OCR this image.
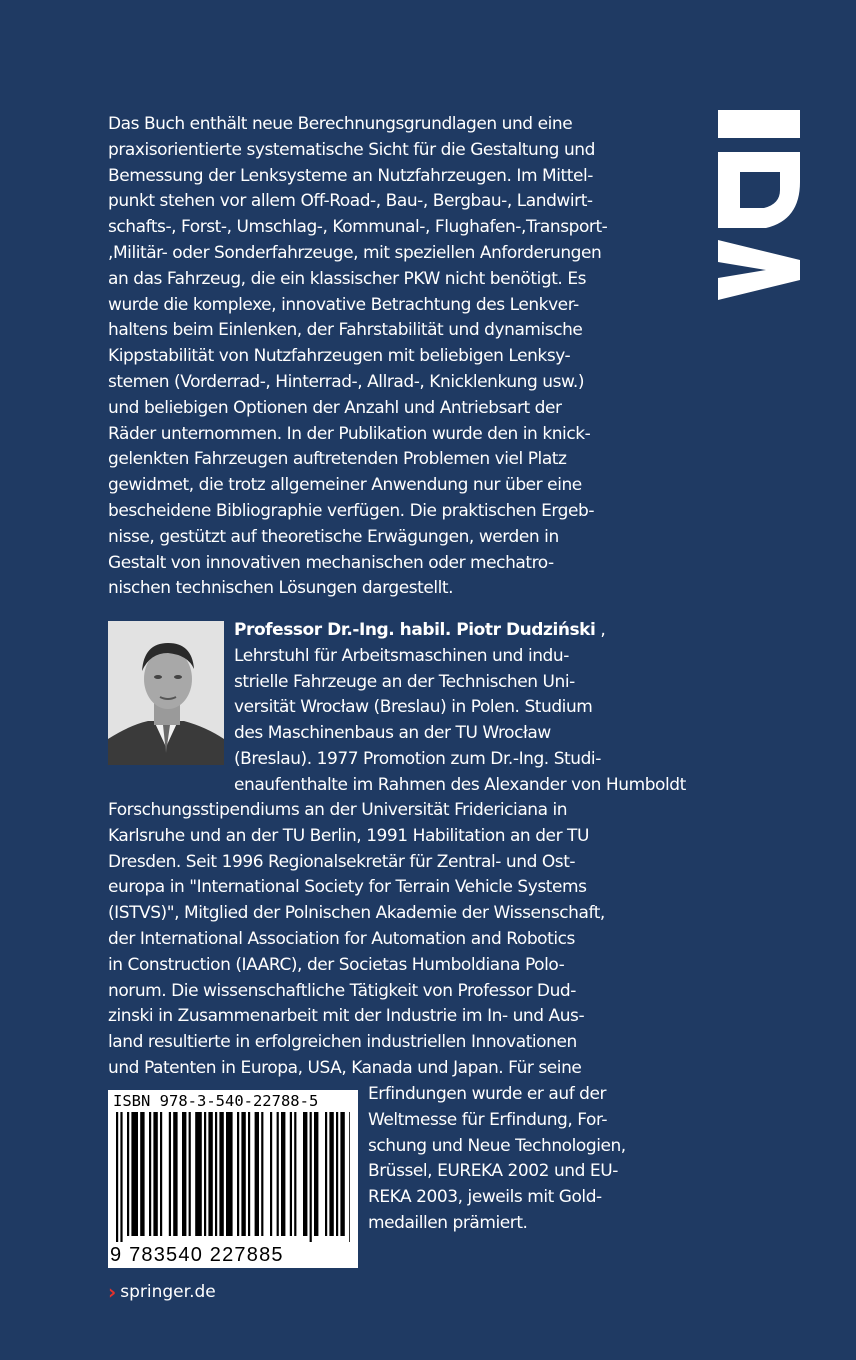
Das Buch enthält neue Berechnungsgrundlagen und eine
praxisorientierte systematische Sicht für die Gestaltung und
Bemessung der Lenksysteme an Nutzfahrzeugen. Im Mittel-
punkt stehen vor allem Off-Road-, Bau-, Bergbau-, Landwirt-
schafts-, Forst-, Umschlag-, Kommunal-, Flughafen-,Transport-
,Militär- oder Sonderfahrzeuge, mit speziellen Anforderungen
an das Fahrzeug, die ein klassischer PKW nicht benötigt. Es
wurde die komplexe, innovative Betrachtung des Lenkver-
haltens beim Einlenken, der Fahrstabilität und dynamische
Kippstabilität von Nutzfahrzeugen mit beliebigen Lenksy-
stemen (Vorderrad-, Hinterrad-, Allrad-, Knicklenkung usw.)
und beliebigen Optionen der Anzahl und Antriebsart der
Räder unternommen. In der Publikation wurde den in knick-
gelenkten Fahrzeugen auftretenden Problemen viel Platz
gewidmet, die trotz allgemeiner Anwendung nur über eine
bescheidene Bibliographie verfügen. Die praktischen Ergeb-
nisse, gestützt auf theoretische Erwägungen, werden in
Gestalt von innovativen mechanischen oder mechatro-
nischen technischen Lösungen dargestellt.
Professor Dr.-Ing. habil. Piotr Dudziński ,
Lehrstuhl für Arbeitsmaschinen und indu-
strielle Fahrzeuge an der Technischen Uni-
versität Wrocław (Breslau) in Polen. Studium
des Maschinenbaus an der TU Wrocław
(Breslau). 1977 Promotion zum Dr.-Ing. Studi-
enaufenthalte im Rahmen des Alexander von Humboldt
Forschungsstipendiums an der Universität Fridericiana in
Karlsruhe und an der TU Berlin, 1991 Habilitation an der TU
Dresden. Seit 1996 Regionalsekretär für Zentral- und Ost-
europa in "International Society for Terrain Vehicle Systems
(ISTVS)", Mitglied der Polnischen Akademie der Wissenschaft,
der International Association for Automation and Robotics
in Construction (IAARC), der Societas Humboldiana Polo-
norum. Die wissenschaftliche Tätigkeit von Professor Dud-
zinski in Zusammenarbeit mit der Industrie im In- und Aus-
land resultierte in erfolgreichen industriellen Innovationen
und Patenten in Europa, USA, Kanada und Japan. Für seine
Erfindungen wurde er auf der
Weltmesse für Erfindung, For-
schung und Neue Technologien,
Brüssel, EUREKA 2002 und EU-
REKA 2003, jeweils mit Gold-
medaillen prämiert.
ISBN 978-3-540-22788-5
9 783540 227885
› springer.de
